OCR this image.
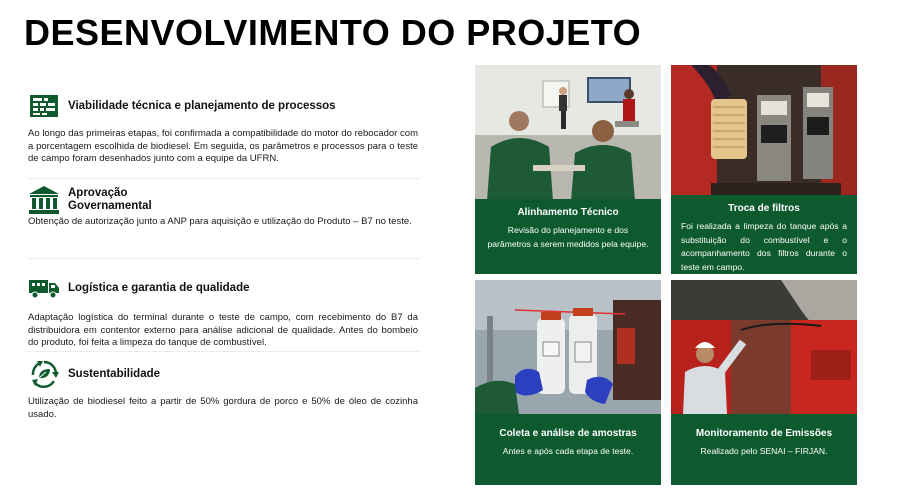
DESENVOLVIMENTO DO PROJETO
Viabilidade técnica e planejamento de processos
Ao longo das primeiras etapas, foi confirmada a compatibilidade do motor do rebocador com a porcentagem escolhida de biodiesel. Em seguida, os parâmetros e processos para o teste de campo foram desenhados junto com a equipe da UFRN.
Aprovação
Governamental
Obtenção de autorização junto a ANP para aquisição e utilização do Produto – B7 no teste.
Logística e garantia de qualidade
Adaptação logística do terminal durante o teste de campo, com recebimento do B7 da distribuidora em contentor externo para análise adicional de qualidade. Antes do bombeio do produto, foi feita a limpeza do tanque de combustível.
Sustentabilidade
Utilização de biodiesel feito a partir de 50% gordura de porco e 50% de óleo de cozinha usado.
Alinhamento Técnico
Revisão do planejamento e dos parâmetros a serem medidos pela equipe.
Troca de filtros
Foi realizada a limpeza do tanque após a substituição do combustível e o acompanhamento dos filtros durante o teste em campo.
Coleta e análise de amostras
Antes e após cada etapa de teste.
Monitoramento de Emissões
Realizado pelo SENAI – FIRJAN.
